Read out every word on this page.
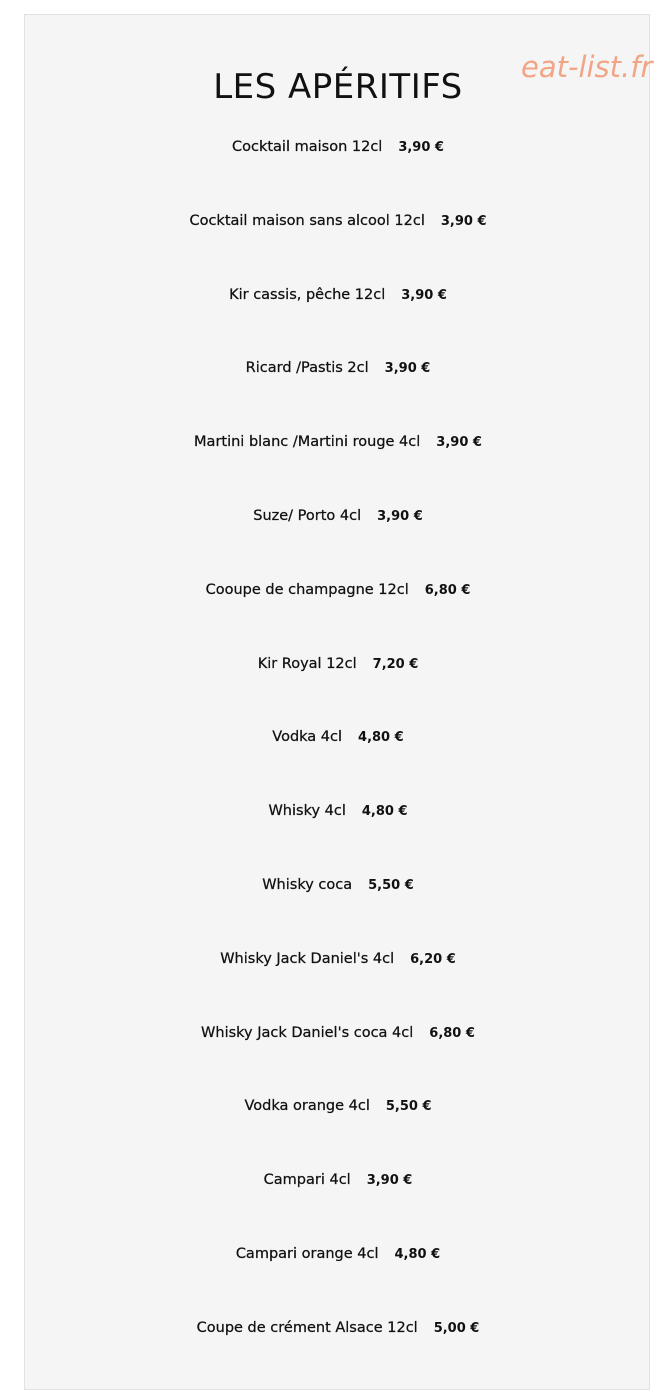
eat-list.fr
LES APÉRITIFS
Cocktail maison 12cl 3,90 €
Cocktail maison sans alcool 12cl 3,90 €
Kir cassis, pêche 12cl 3,90 €
Ricard /Pastis 2cl 3,90 €
Martini blanc /Martini rouge 4cl 3,90 €
Suze/ Porto 4cl 3,90 €
Cooupe de champagne 12cl 6,80 €
Kir Royal 12cl 7,20 €
Vodka 4cl 4,80 €
Whisky 4cl 4,80 €
Whisky coca 5,50 €
Whisky Jack Daniel's 4cl 6,20 €
Whisky Jack Daniel's coca 4cl 6,80 €
Vodka orange 4cl 5,50 €
Campari 4cl 3,90 €
Campari orange 4cl 4,80 €
Coupe de crément Alsace 12cl 5,00 €
